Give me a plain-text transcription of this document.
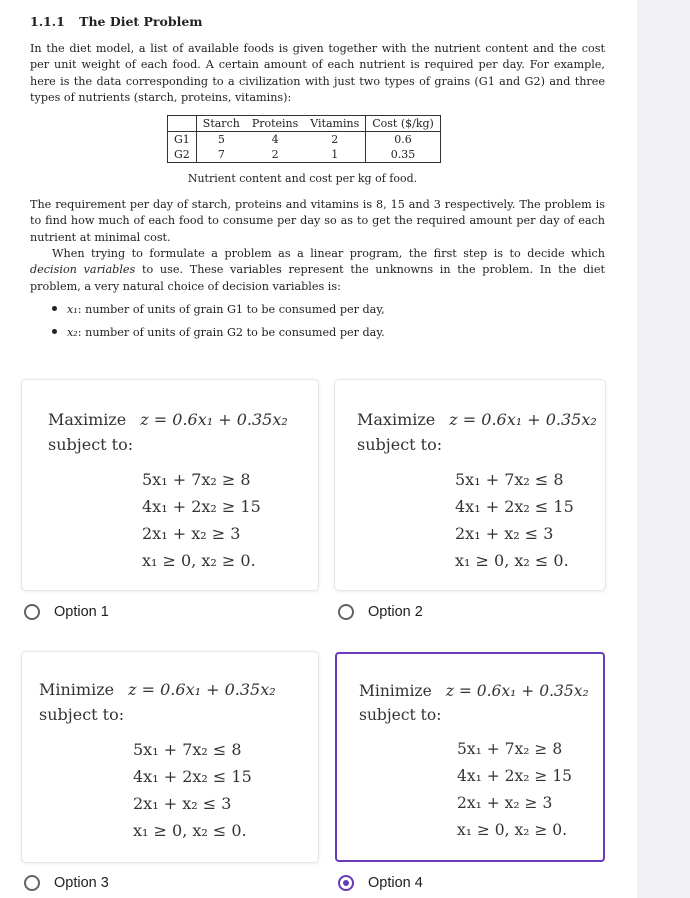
1.1.1 The Diet Problem

In the diet model, a list of available foods is given together with the nutrient content and the cost per unit weight of each food. A certain amount of each nutrient is required per day. For example, here is the data corresponding to a civilization with just two types of grains (G1 and G2) and three types of nutrients (starch, proteins, vitamins):

	Starch	Proteins	Vitamins	Cost ($/kg)
G1	5	4	2	0.6
G2	7	2	1	0.35
Nutrient content and cost per kg of food.

The requirement per day of starch, proteins and vitamins is 8, 15 and 3 respectively. The problem is to find how much of each food to consume per day so as to get the required amount per day of each nutrient at minimal cost.

When trying to formulate a problem as a linear program, the first step is to decide which decision variables to use. These variables represent the unknowns in the problem. In the diet problem, a very natural choice of decision variables is:

x₁: number of units of grain G1 to be consumed per day,
x₂: number of units of grain G2 to be consumed per day.
Maximize z = 0.6x₁ + 0.35x₂
subject to:
5x₁ + 7x₂ ≥ 8
4x₁ + 2x₂ ≥ 15
2x₁ + x₂ ≥ 3
x₁ ≥ 0, x₂ ≥ 0.
Option 1
Maximize z = 0.6x₁ + 0.35x₂
subject to:
5x₁ + 7x₂ ≤ 8
4x₁ + 2x₂ ≤ 15
2x₁ + x₂ ≤ 3
x₁ ≥ 0, x₂ ≤ 0.
Option 2
Minimize z = 0.6x₁ + 0.35x₂
subject to:
5x₁ + 7x₂ ≤ 8
4x₁ + 2x₂ ≤ 15
2x₁ + x₂ ≤ 3
x₁ ≥ 0, x₂ ≤ 0.
Option 3
Minimize z = 0.6x₁ + 0.35x₂
subject to:
5x₁ + 7x₂ ≥ 8
4x₁ + 2x₂ ≥ 15
2x₁ + x₂ ≥ 3
x₁ ≥ 0, x₂ ≥ 0.
Option 4
